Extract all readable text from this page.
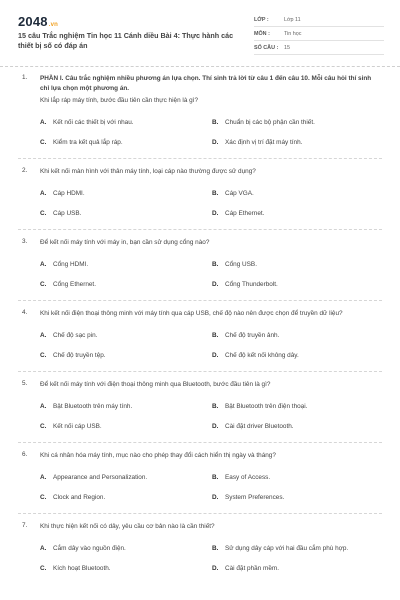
2048.vn
15 câu Trắc nghiệm Tin học 11 Cánh diều Bài 4: Thực hành các thiết bị số có đáp án
LỚP :	Lớp 11
MÔN :	Tin học
SỐ CÂU :	15
1. PHẦN I. Câu trắc nghiệm nhiều phương án lựa chọn. Thí sinh trả lời từ câu 1 đến câu 10. Mỗi câu hỏi thí sinh chỉ lựa chọn một phương án.
Khi lắp ráp máy tính, bước đầu tiên cần thực hiện là gì?
A.	Kết nối các thiết bị với nhau.	B.	Chuẩn bị các bộ phận cần thiết.
C.	Kiểm tra kết quả lắp ráp.	D.	Xác định vị trí đặt máy tính.
2. Khi kết nối màn hình với thân máy tính, loại cáp nào thường được sử dụng?
A.	Cáp HDMI.	B.	Cáp VGA.
C.	Cáp USB.	D.	Cáp Ethernet.
3. Để kết nối máy tính với máy in, bạn cần sử dụng cổng nào?
A.	Cổng HDMI.	B.	Cổng USB.
C.	Cổng Ethernet.	D.	Cổng Thunderbolt.
4. Khi kết nối điện thoại thông minh với máy tính qua cáp USB, chế độ nào nên được chọn để truyền dữ liệu?
A.	Chế độ sạc pin.	B.	Chế độ truyền ảnh.
C.	Chế độ truyền tệp.	D.	Chế độ kết nối không dây.
5. Để kết nối máy tính với điện thoại thông minh qua Bluetooth, bước đầu tiên là gì?
A.	Bật Bluetooth trên máy tính.	B.	Bật Bluetooth trên điện thoại.
C.	Kết nối cáp USB.	D.	Cài đặt driver Bluetooth.
6. Khi cá nhân hóa máy tính, mục nào cho phép thay đổi cách hiển thị ngày và tháng?
A.	Appearance and Personalization.	B.	Easy of Access.
C.	Clock and Region.	D.	System Preferences.
7. Khi thực hiện kết nối có dây, yêu cầu cơ bản nào là cần thiết?
A.	Cắm dây vào nguồn điện.	B.	Sử dụng dây cáp với hai đầu cắm phù hợp.
C.	Kích hoạt Bluetooth.	D.	Cài đặt phần mềm.
